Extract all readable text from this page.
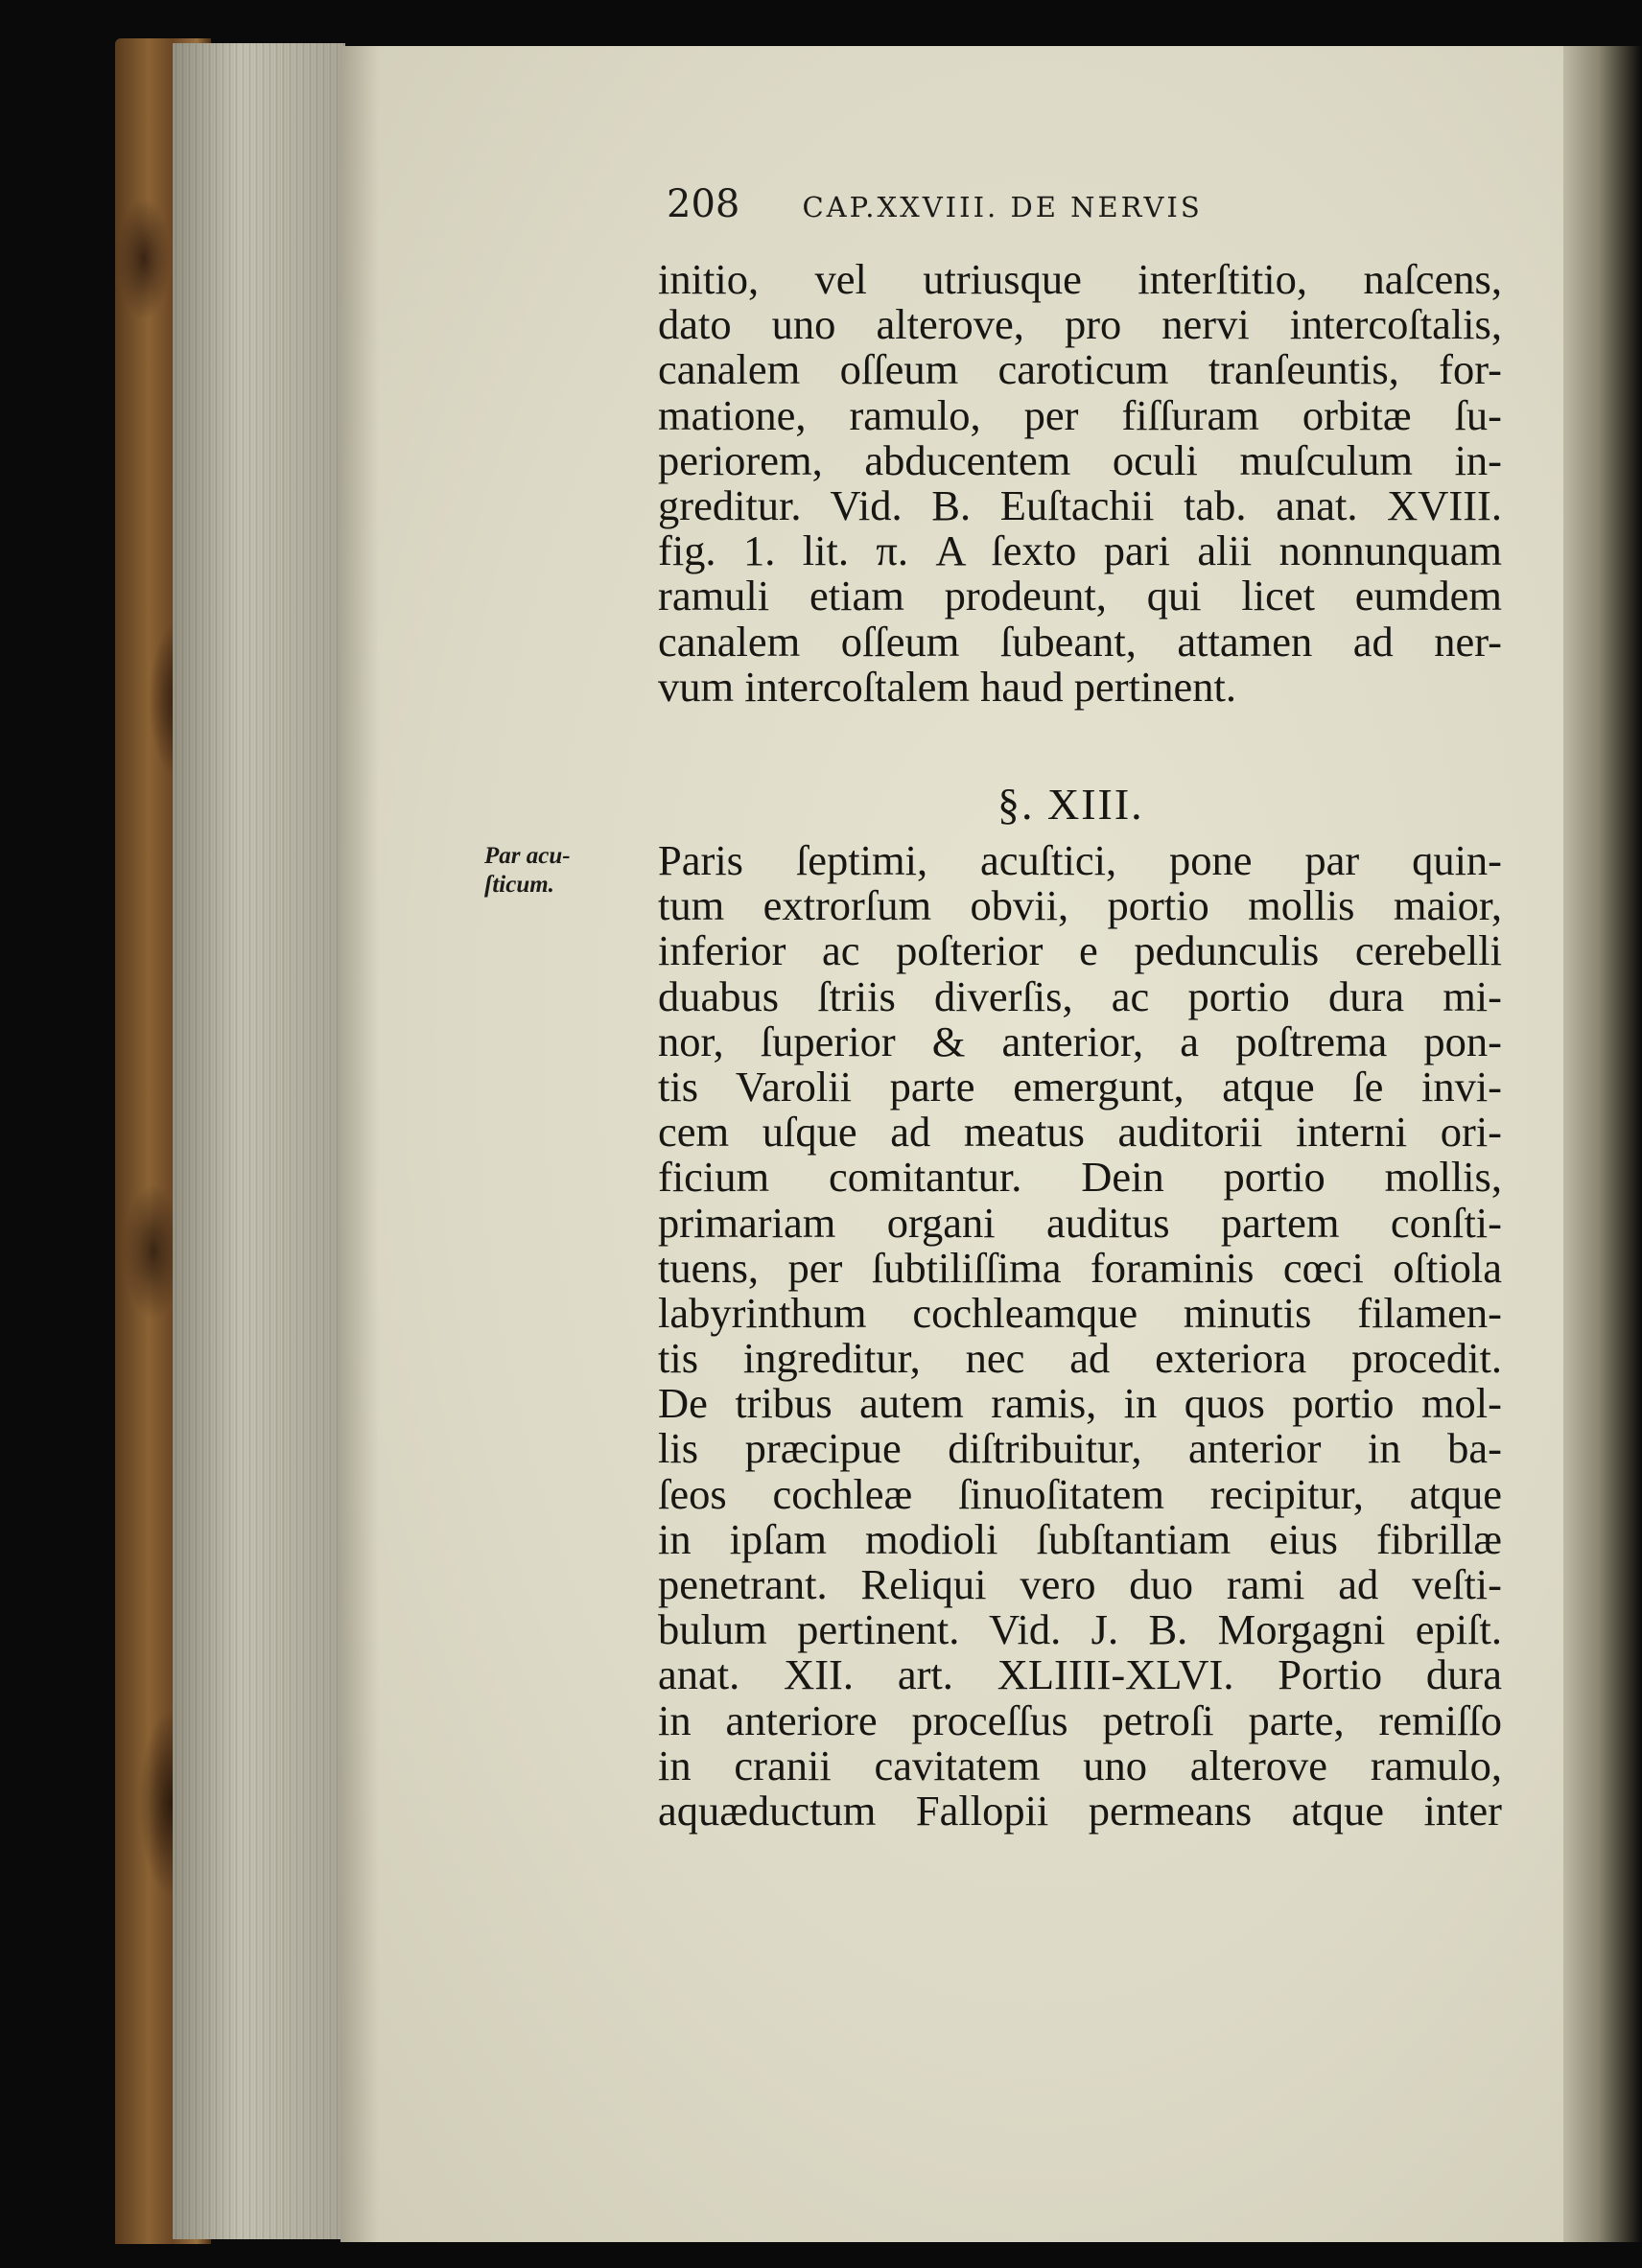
208 CAP.XXVIII. DE NERVIS
initio, vel utriusque interſtitio, naſcens,
dato uno alterove, pro nervi intercoſtalis,
canalem oſſeum caroticum tranſeuntis, for-
matione, ramulo, per fiſſuram orbitæ ſu-
periorem, abducentem oculi muſculum in-
greditur. Vid. B. Euſtachii tab. anat. XVIII.
fig. 1. lit. π. A ſexto pari alii nonnunquam
ramuli etiam prodeunt, qui licet eumdem
canalem oſſeum ſubeant, attamen ad ner-
vum intercoſtalem haud pertinent.
§. XIII.
Par acu-
ſticum.
Paris ſeptimi, acuſtici, pone par quin-
tum extrorſum obvii, portio mollis maior,
inferior ac poſterior e pedunculis cerebelli
duabus ſtriis diverſis, ac portio dura mi-
nor, ſuperior & anterior, a poſtrema pon-
tis Varolii parte emergunt, atque ſe invi-
cem uſque ad meatus auditorii interni ori-
ficium comitantur. Dein portio mollis,
primariam organi auditus partem conſti-
tuens, per ſubtiliſſima foraminis cœci oſtiola
labyrinthum cochleamque minutis filamen-
tis ingreditur, nec ad exteriora procedit.
De tribus autem ramis, in quos portio mol-
lis præcipue diſtribuitur, anterior in ba-
ſeos cochleæ ſinuoſitatem recipitur, atque
in ipſam modioli ſubſtantiam eius fibrillæ
penetrant. Reliqui vero duo rami ad veſti-
bulum pertinent. Vid. J. B. Morgagni epiſt.
anat. XII. art. XLIIII-XLVI. Portio dura
in anteriore proceſſus petroſi parte, remiſſo
in cranii cavitatem uno alterove ramulo,
aquæductum Fallopii permeans atque inter
